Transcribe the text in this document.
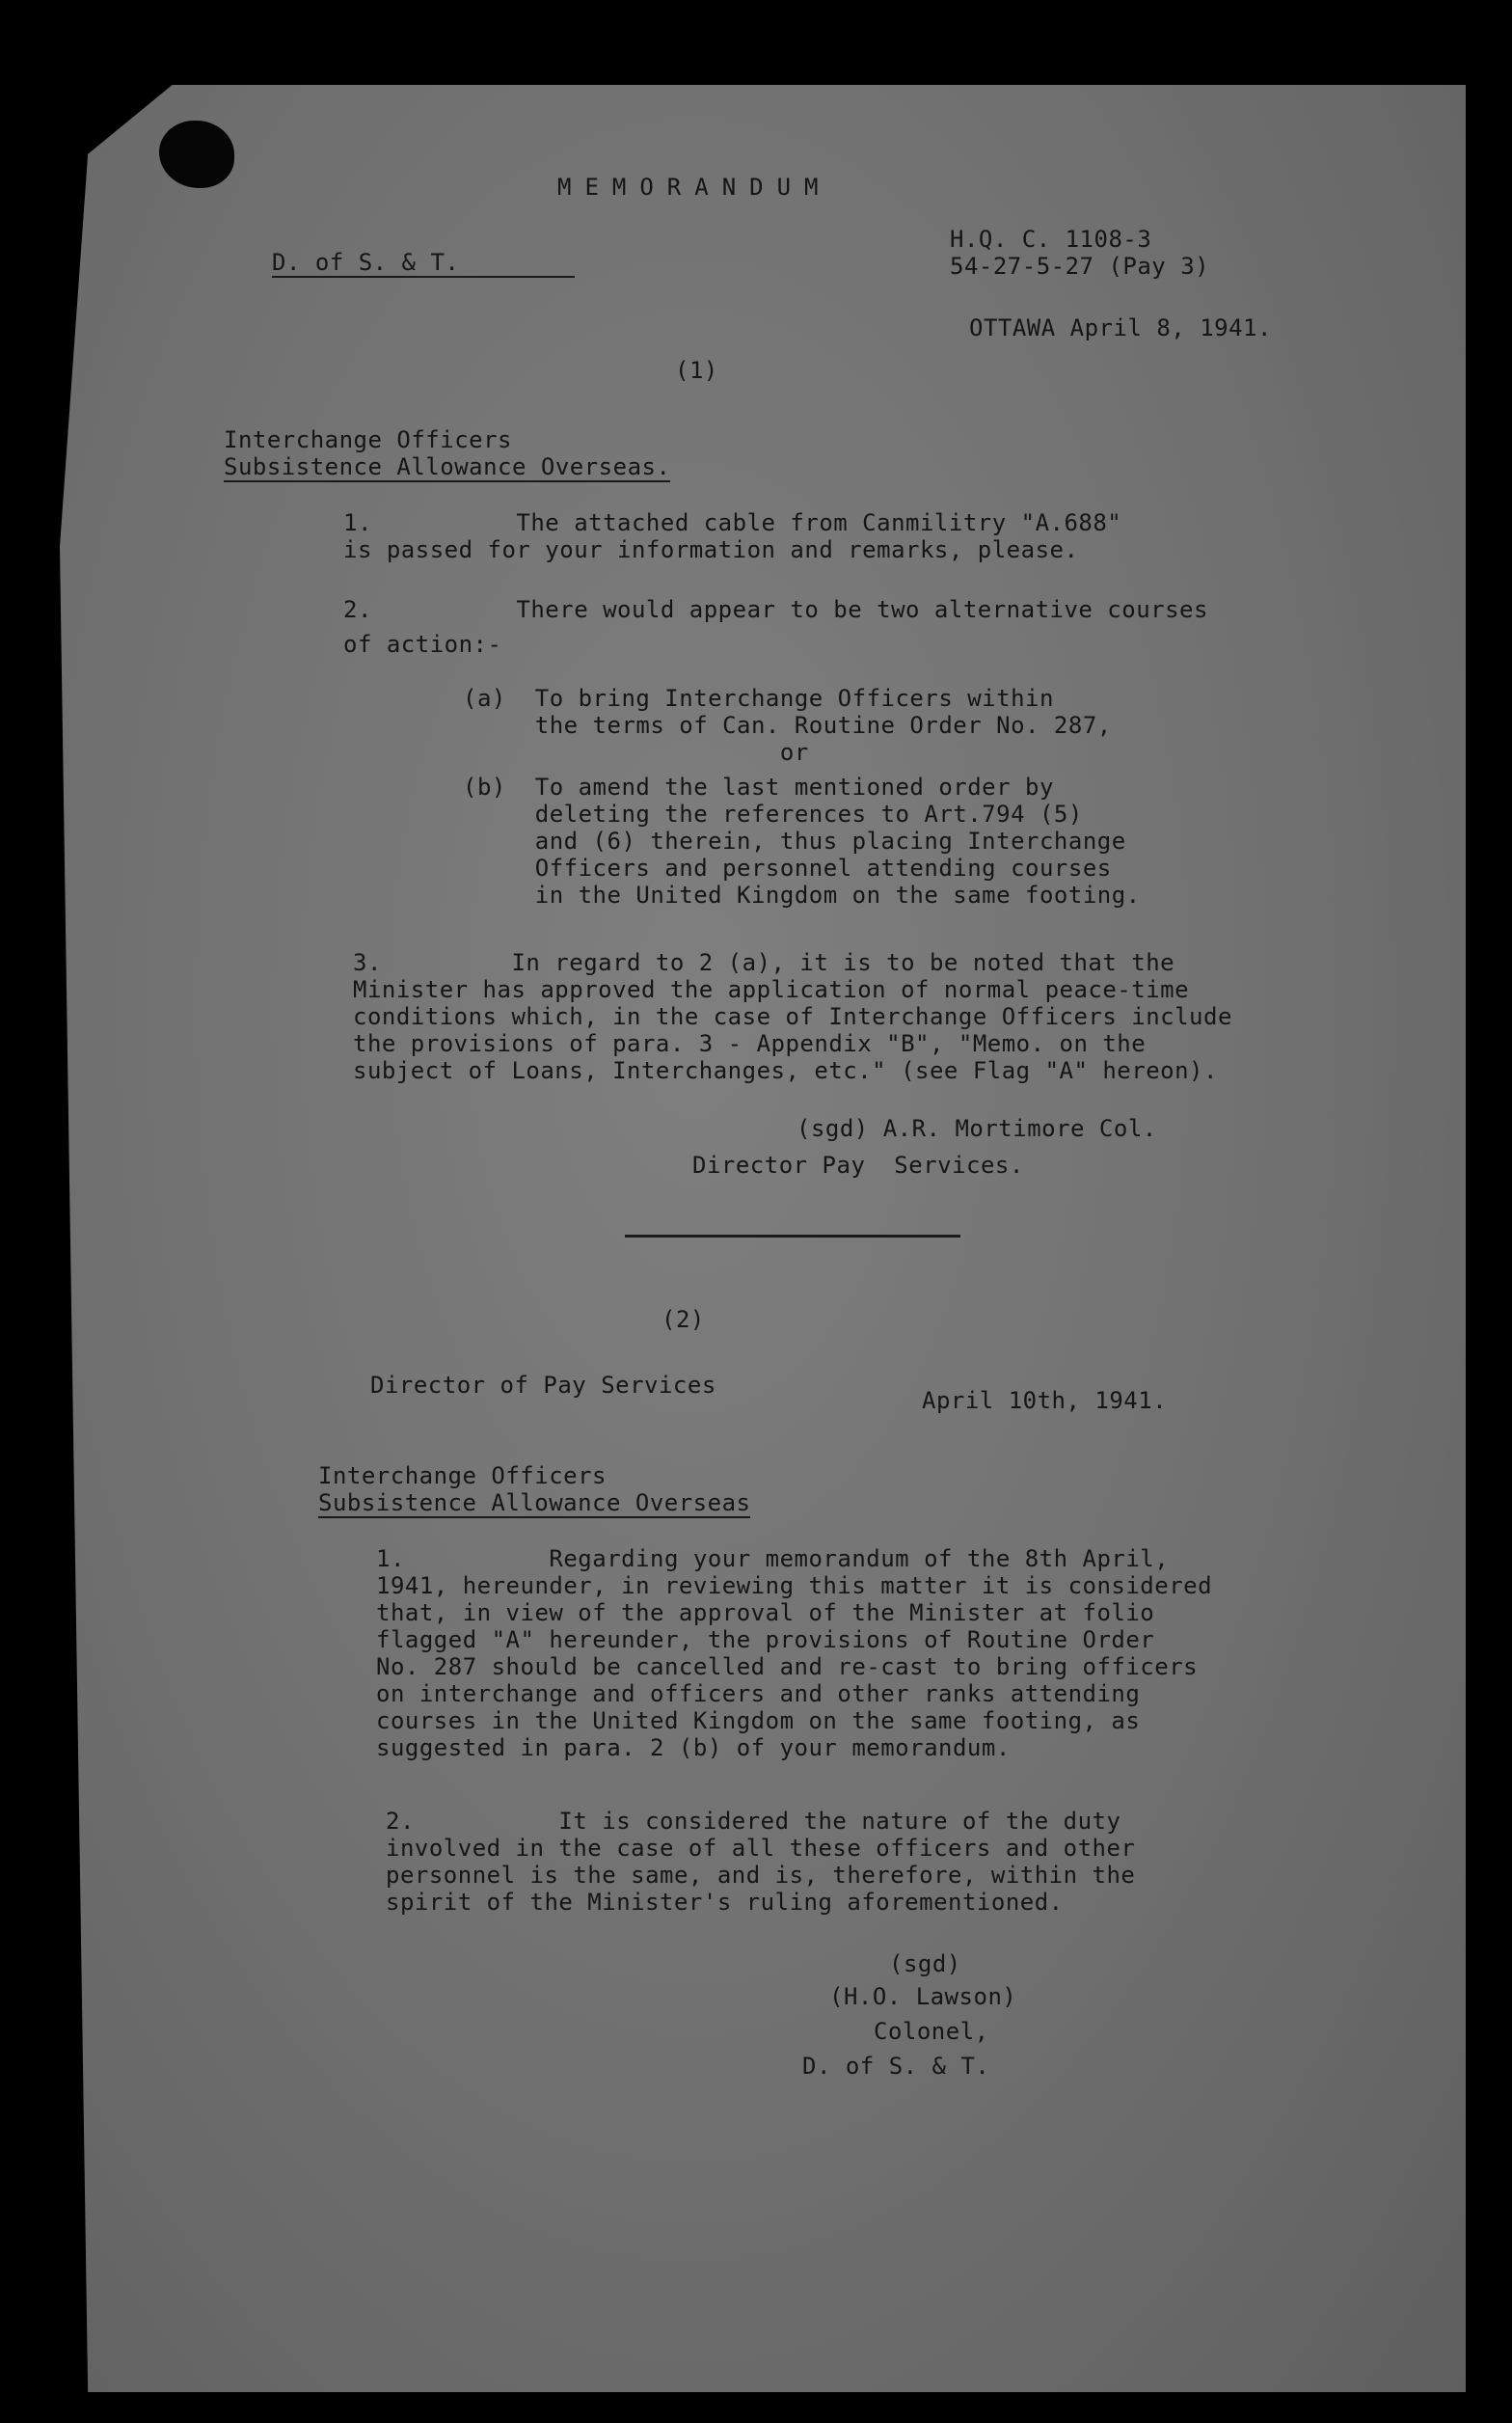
MEMORANDUM
D. of S. & T.
H.Q. C. 1108-3
54-27-5-27 (Pay 3)
OTTAWA April 8, 1941.
(1)
Interchange Officers
Subsistence Allowance Overseas.
1.          The attached cable from Canmilitry "A.688"
is passed for your information and remarks, please.
2.          There would appear to be two alternative courses
of action:-
(a)  To bring Interchange Officers within
the terms of Can. Routine Order No. 287,
or
(b)  To amend the last mentioned order by
deleting the references to Art.794 (5)
and (6) therein, thus placing Interchange
Officers and personnel attending courses
in the United Kingdom on the same footing.
3.         In regard to 2 (a), it is to be noted that the
Minister has approved the application of normal peace-time
conditions which, in the case of Interchange Officers include
the provisions of para. 3 - Appendix "B", "Memo. on the
subject of Loans, Interchanges, etc." (see Flag "A" hereon).
(sgd) A.R. Mortimore Col.
Director Pay  Services.
(2)
Director of Pay Services
April 10th, 1941.
Interchange Officers
Subsistence Allowance Overseas
1.          Regarding your memorandum of the 8th April,
1941, hereunder, in reviewing this matter it is considered
that, in view of the approval of the Minister at folio
flagged "A" hereunder, the provisions of Routine Order
No. 287 should be cancelled and re-cast to bring officers
on interchange and officers and other ranks attending
courses in the United Kingdom on the same footing, as
suggested in para. 2 (b) of your memorandum.
2.          It is considered the nature of the duty
involved in the case of all these officers and other
personnel is the same, and is, therefore, within the
spirit of the Minister's ruling aforementioned.
(sgd)
(H.O. Lawson)
Colonel,
D. of S. & T.
